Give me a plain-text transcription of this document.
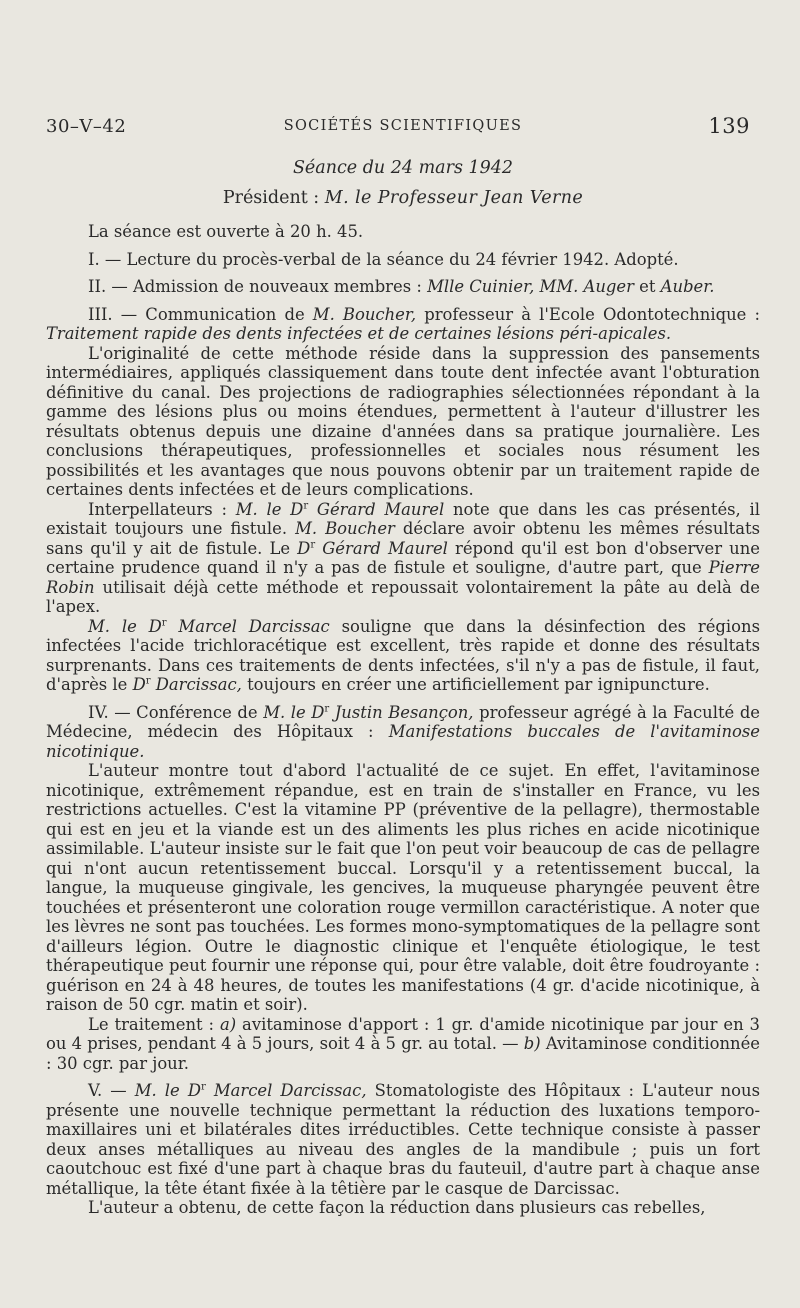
30–V–42	SOCIÉTÉS SCIENTIFIQUES	139
Séance du 24 mars 1942
Président : M. le Professeur Jean Verne

La séance est ouverte à 20 h. 45.

I. — Lecture du procès-verbal de la séance du 24 février 1942. Adopté.

II. — Admission de nouveaux membres : Mlle Cuinier, MM. Auger et Auber.

III. — Communication de M. Boucher, professeur à l'Ecole Odontotechnique : Traitement rapide des dents infectées et de certaines lésions péri-apicales.

L'originalité de cette méthode réside dans la suppression des pansements intermédiaires, appliqués classiquement dans toute dent infectée avant l'obturation définitive du canal. Des projections de radiographies sélectionnées répondant à la gamme des lésions plus ou moins étendues, permettent à l'auteur d'illustrer les résultats obtenus depuis une dizaine d'années dans sa pratique journalière. Les conclusions thérapeutiques, professionnelles et sociales nous résument les possibilités et les avantages que nous pouvons obtenir par un traitement rapide de certaines dents infectées et de leurs complications.

Interpellateurs : M. le $D^r$ Gérard Maurel note que dans les cas présentés, il existait toujours une fistule. M. Boucher déclare avoir obtenu les mêmes résultats sans qu'il y ait de fistule. Le $D^r$ Gérard Maurel répond qu'il est bon d'observer une certaine prudence quand il n'y a pas de fistule et souligne, d'autre part, que Pierre Robin utilisait déjà cette méthode et repoussait volontairement la pâte au delà de l'apex.

M. le $D^r$ Marcel Darcissac souligne que dans la désinfection des régions infectées l'acide trichloracétique est excellent, très rapide et donne des résultats surprenants. Dans ces traitements de dents infectées, s'il n'y a pas de fistule, il faut, d'après le $D^r$ Darcissac, toujours en créer une artificiellement par ignipuncture.

IV. — Conférence de M. le $D^r$ Justin Besançon, professeur agrégé à la Faculté de Médecine, médecin des Hôpitaux : Manifestations buccales de l'avitaminose nicotinique.

L'auteur montre tout d'abord l'actualité de ce sujet. En effet, l'avitaminose nicotinique, extrêmement répandue, est en train de s'installer en France, vu les restrictions actuelles. C'est la vitamine PP (préventive de la pellagre), thermostable qui est en jeu et la viande est un des aliments les plus riches en acide nicotinique assimilable. L'auteur insiste sur le fait que l'on peut voir beaucoup de cas de pellagre qui n'ont aucun retentissement buccal. Lorsqu'il y a retentissement buccal, la langue, la muqueuse gingivale, les gencives, la muqueuse pharyngée peuvent être touchées et présenteront une coloration rouge vermillon caractéristique. A noter que les lèvres ne sont pas touchées. Les formes mono-symptomatiques de la pellagre sont d'ailleurs légion. Outre le diagnostic clinique et l'enquête étiologique, le test thérapeutique peut fournir une réponse qui, pour être valable, doit être foudroyante : guérison en 24 à 48 heures, de toutes les manifestations (4 gr. d'acide nicotinique, à raison de 50 cgr. matin et soir).

Le traitement : a) avitaminose d'apport : 1 gr. d'amide nicotinique par jour en 3 ou 4 prises, pendant 4 à 5 jours, soit 4 à 5 gr. au total. — b) Avitaminose conditionnée : 30 cgr. par jour.

V. — M. le $D^r$ Marcel Darcissac, Stomatologiste des Hôpitaux : L'auteur nous présente une nouvelle technique permettant la réduction des luxations temporo-maxillaires uni et bilatérales dites irréductibles. Cette technique consiste à passer deux anses métalliques au niveau des angles de la mandibule ; puis un fort caoutchouc est fixé d'une part à chaque bras du fauteuil, d'autre part à chaque anse métallique, la tête étant fixée à la têtière par le casque de Darcissac.

L'auteur a obtenu, de cette façon la réduction dans plusieurs cas rebelles,
